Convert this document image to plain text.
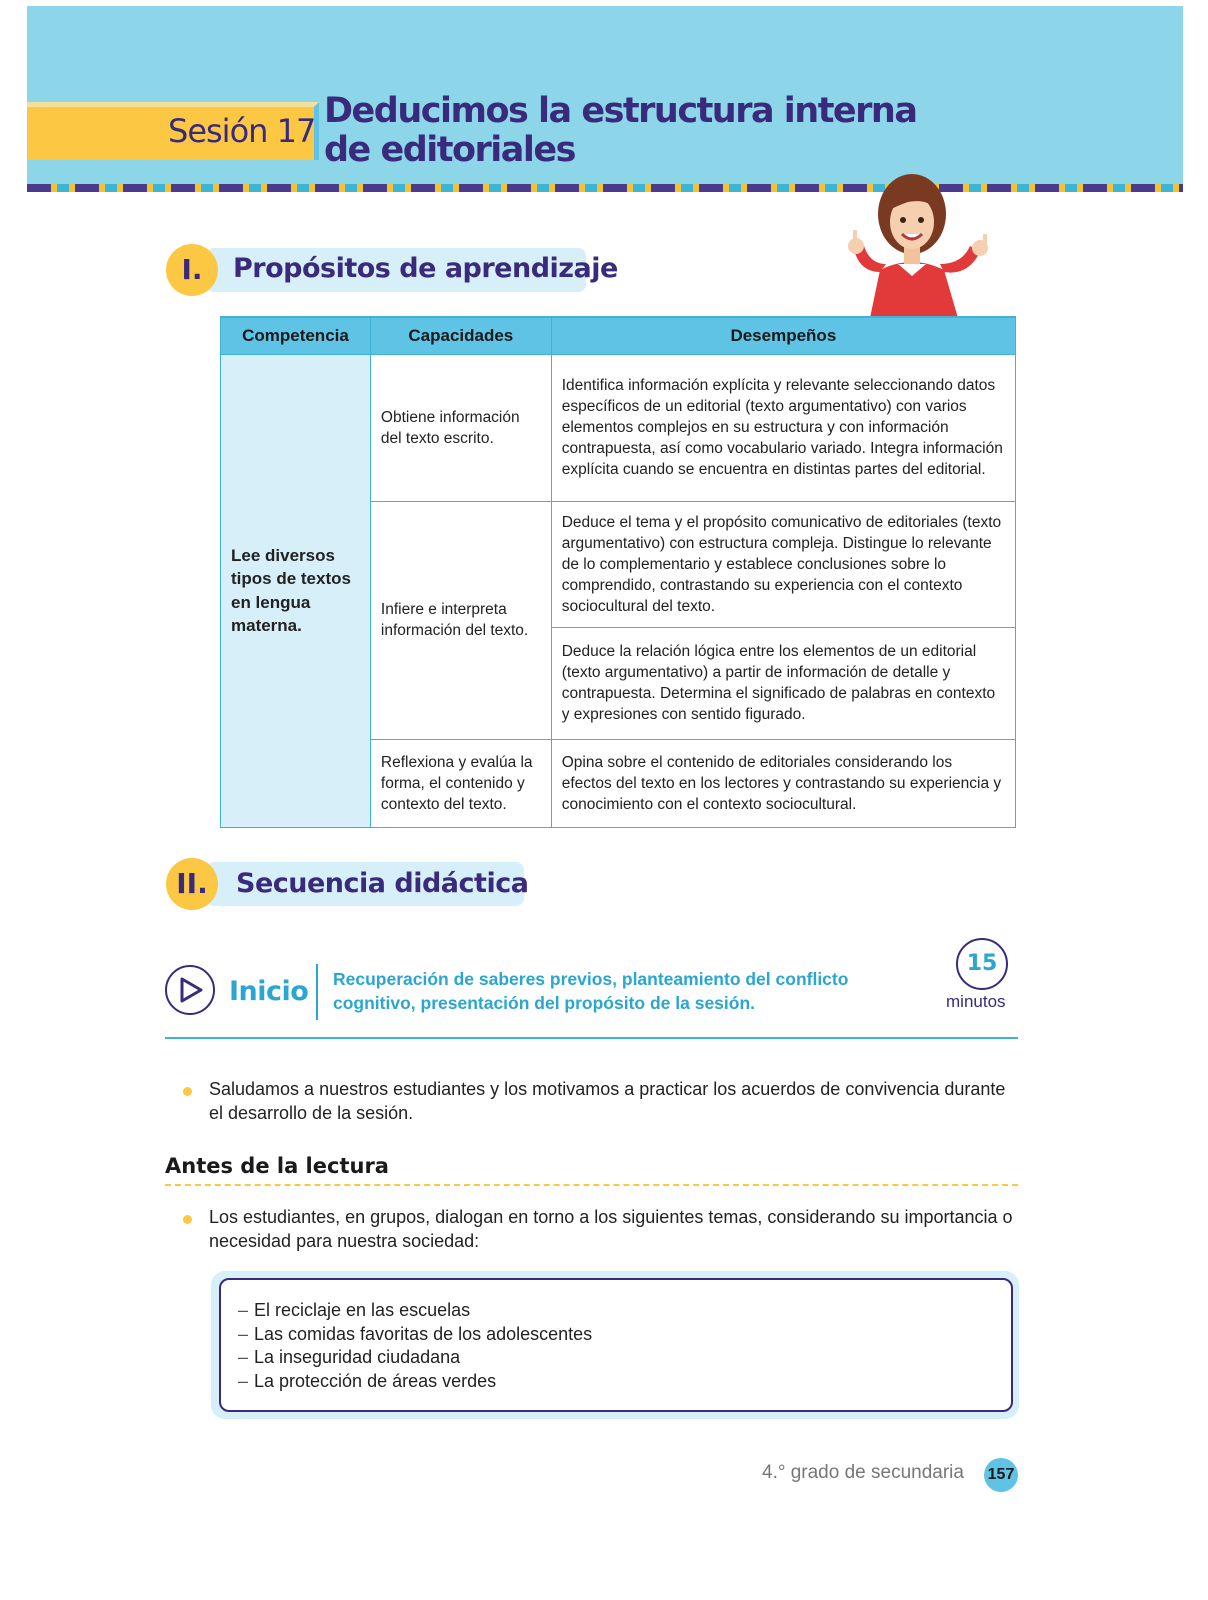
Sesión 17 Deducimos la estructura interna de editoriales
I.	Propósitos de aprendizaje
Competencia	Capacidades	Desempeños
Lee diversos tipos de textos en lengua materna.	Obtiene información del texto escrito.	Identifica información explícita y relevante seleccionando datos específicos de un editorial (texto argumentativo) con varios elementos complejos en su estructura y con información contrapuesta, así como vocabulario variado. Integra información explícita cuando se encuentra en distintas partes del editorial.
	Infiere e interpreta información del texto.	Deduce el tema y el propósito comunicativo de editoriales (texto argumentativo) con estructura compleja. Distingue lo relevante de lo complementario y establece conclusiones sobre lo comprendido, contrastando su experiencia con el contexto sociocultural del texto.
		Deduce la relación lógica entre los elementos de un editorial (texto argumentativo) a partir de información de detalle y contrapuesta. Determina el significado de palabras en contexto y expresiones con sentido figurado.
	Reflexiona y evalúa la forma, el contenido y contexto del texto.	Opina sobre el contenido de editoriales considerando los efectos del texto en los lectores y contrastando su experiencia y conocimiento con el contexto sociocultural.
II.	Secuencia didáctica
Inicio Recuperación de saberes previos, planteamiento del conflicto cognitivo, presentación del propósito de la sesión.
15
minutos

Saludamos a nuestros estudiantes y los motivamos a practicar los acuerdos de convivencia durante el desarrollo de la sesión.

Antes de la lectura

Los estudiantes, en grupos, dialogan en torno a los siguientes temas, considerando su importancia o necesidad para nuestra sociedad:

– El reciclaje en las escuelas
– Las comidas favoritas de los adolescentes
– La inseguridad ciudadana
– La protección de áreas verdes
4.° grado de secundaria 157
